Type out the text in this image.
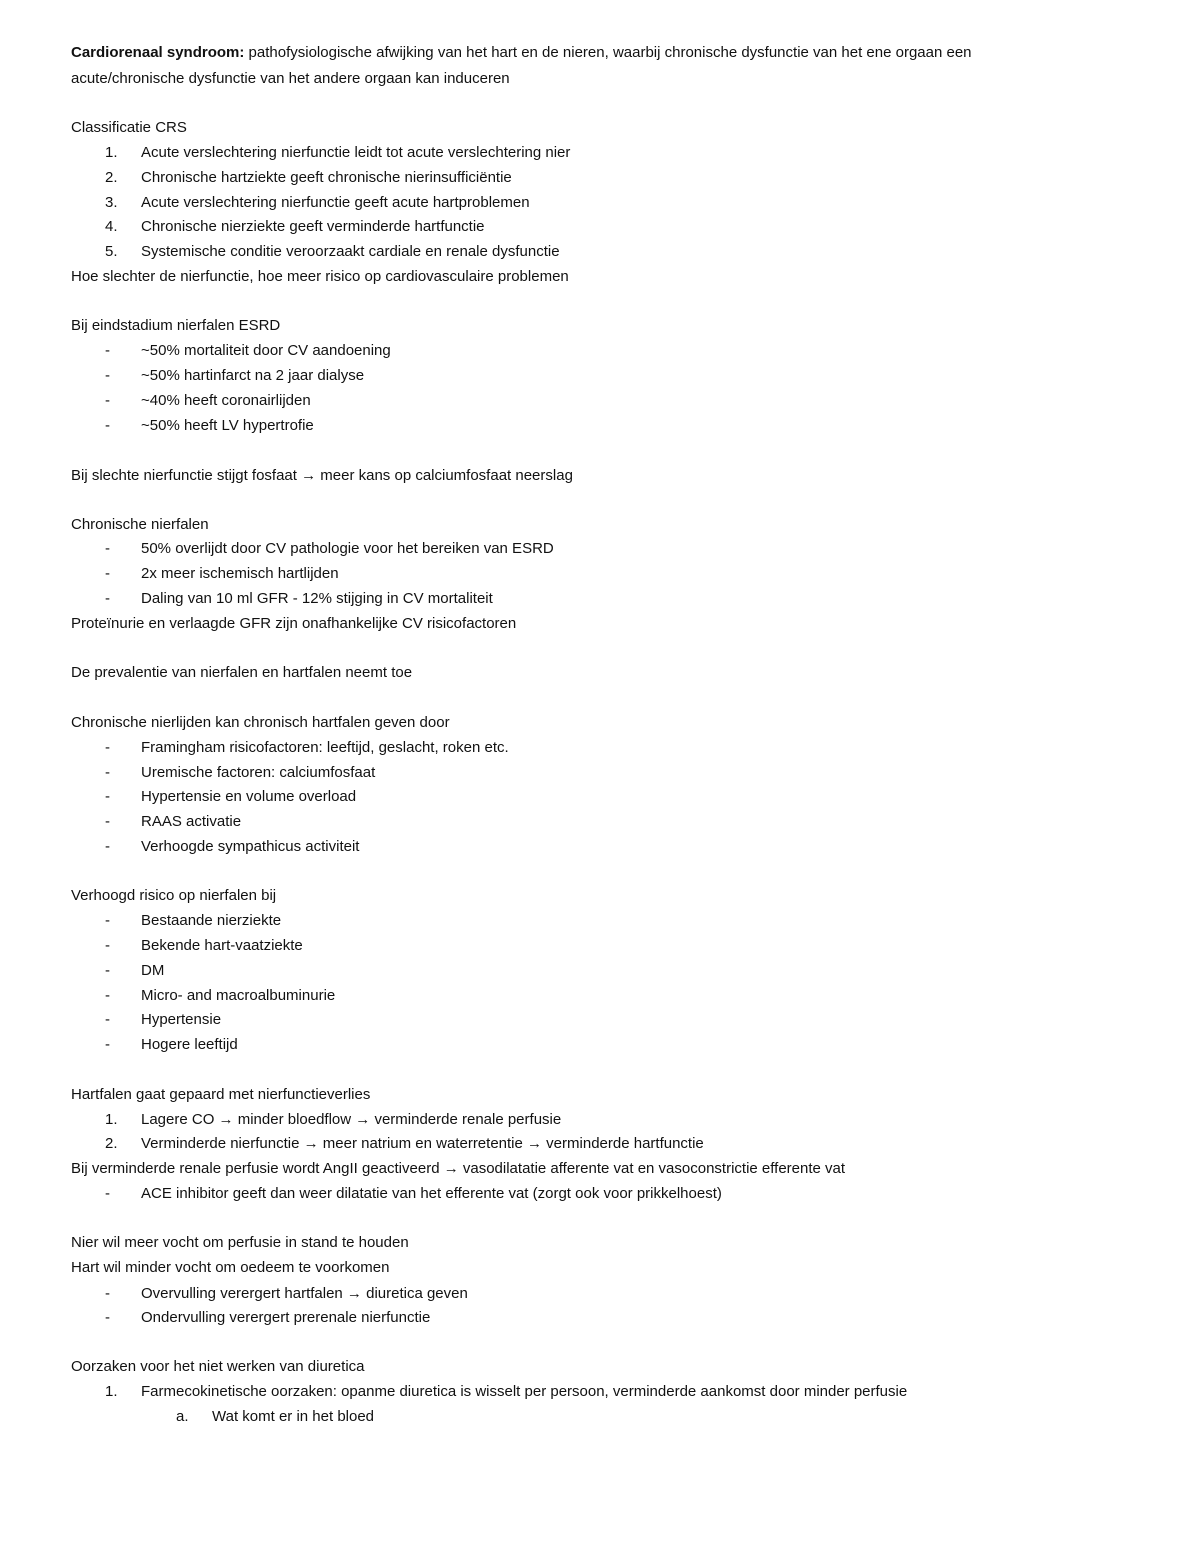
Cardiorenaal syndroom: pathofysiologische afwijking van het hart en de nieren, waarbij chronische dysfunctie van het ene orgaan een
acute/chronische dysfunctie van het andere orgaan kan induceren
Classificatie CRS
1. Acute verslechtering nierfunctie leidt tot acute verslechtering nier
2. Chronische hartziekte geeft chronische nierinsufficiëntie
3. Acute verslechtering nierfunctie geeft acute hartproblemen
4. Chronische nierziekte geeft verminderde hartfunctie
5. Systemische conditie veroorzaakt cardiale en renale dysfunctie
Hoe slechter de nierfunctie, hoe meer risico op cardiovasculaire problemen
Bij eindstadium nierfalen ESRD
- ~50% mortaliteit door CV aandoening
- ~50% hartinfarct na 2 jaar dialyse
- ~40% heeft coronairlijden
- ~50% heeft LV hypertrofie
Bij slechte nierfunctie stijgt fosfaat → meer kans op calciumfosfaat neerslag
Chronische nierfalen
- 50% overlijdt door CV pathologie voor het bereiken van ESRD
- 2x meer ischemisch hartlijden
- Daling van 10 ml GFR - 12% stijging in CV mortaliteit
Proteïnurie en verlaagde GFR zijn onafhankelijke CV risicofactoren
De prevalentie van nierfalen en hartfalen neemt toe
Chronische nierlijden kan chronisch hartfalen geven door
- Framingham risicofactoren: leeftijd, geslacht, roken etc.
- Uremische factoren: calciumfosfaat
- Hypertensie en volume overload
- RAAS activatie
- Verhoogde sympathicus activiteit
Verhoogd risico op nierfalen bij
- Bestaande nierziekte
- Bekende hart-vaatziekte
- DM
- Micro- and macroalbuminurie
- Hypertensie
- Hogere leeftijd
Hartfalen gaat gepaard met nierfunctieverlies
1. Lagere CO → minder bloedflow → verminderde renale perfusie
2. Verminderde nierfunctie → meer natrium en waterretentie → verminderde hartfunctie
Bij verminderde renale perfusie wordt AngII geactiveerd → vasodilatatie afferente vat en vasoconstrictie efferente vat
- ACE inhibitor geeft dan weer dilatatie van het efferente vat (zorgt ook voor prikkelhoest)
Nier wil meer vocht om perfusie in stand te houden
Hart wil minder vocht om oedeem te voorkomen
- Overvulling verergert hartfalen → diuretica geven
- Ondervulling verergert prerenale nierfunctie
Oorzaken voor het niet werken van diuretica
1. Farmecokinetische oorzaken: opanme diuretica is wisselt per persoon, verminderde aankomst door minder perfusie
a. Wat komt er in het bloed
